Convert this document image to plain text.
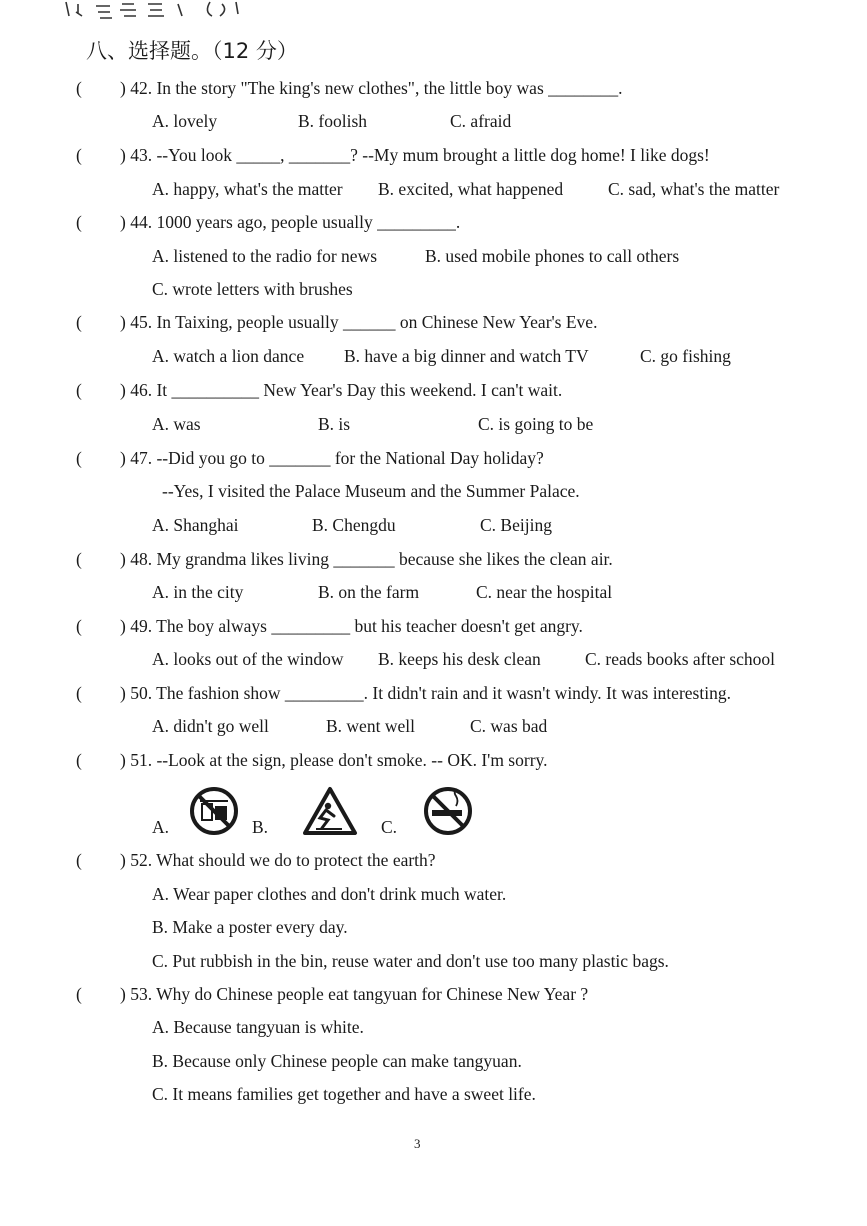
八、选择题。（12 分）
( ) 42. In the story "The king's new clothes", the little boy was ________.
A. lovely	B. foolish	C. afraid
( ) 43. --You look _____, _______? --My mum brought a little dog home! I like dogs!
A. happy, what's the matter B. excited, what happened	C. sad, what's the matter
( ) 44. 1000 years ago, people usually _________.
A. listened to the radio for news	B. used mobile phones to call others
C. wrote letters with brushes
( ) 45. In Taixing, people usually ______ on Chinese New Year's Eve.
A. watch a lion dance B. have a big dinner and watch TV	C. go fishing
( ) 46. It __________ New Year's Day this weekend. I can't wait.
A. was	B. is	C. is going to be
( ) 47. --Did you go to _______ for the National Day holiday?
--Yes, I visited the Palace Museum and the Summer Palace.
A. Shanghai	B. Chengdu	C. Beijing
( ) 48. My grandma likes living _______ because she likes the clean air.
A. in the city	B. on the farm	C. near the hospital
( ) 49. The boy always _________ but his teacher doesn't get angry.
A. looks out of the window B. keeps his desk clean	C. reads books after school
( ) 50. The fashion show _________. It didn't rain and it wasn't windy. It was interesting.
A. didn't go well	B. went well	C. was bad
( ) 51. --Look at the sign, please don't smoke. -- OK. I'm sorry.
A.	B.	C.
( ) 52. What should we do to protect the earth?
A. Wear paper clothes and don't drink much water.
B. Make a poster every day.
C. Put rubbish in the bin, reuse water and don't use too many plastic bags.
( ) 53. Why do Chinese people eat tangyuan for Chinese New Year ?
A. Because tangyuan is white.
B. Because only Chinese people can make tangyuan.
C. It means families get together and have a sweet life.
3
